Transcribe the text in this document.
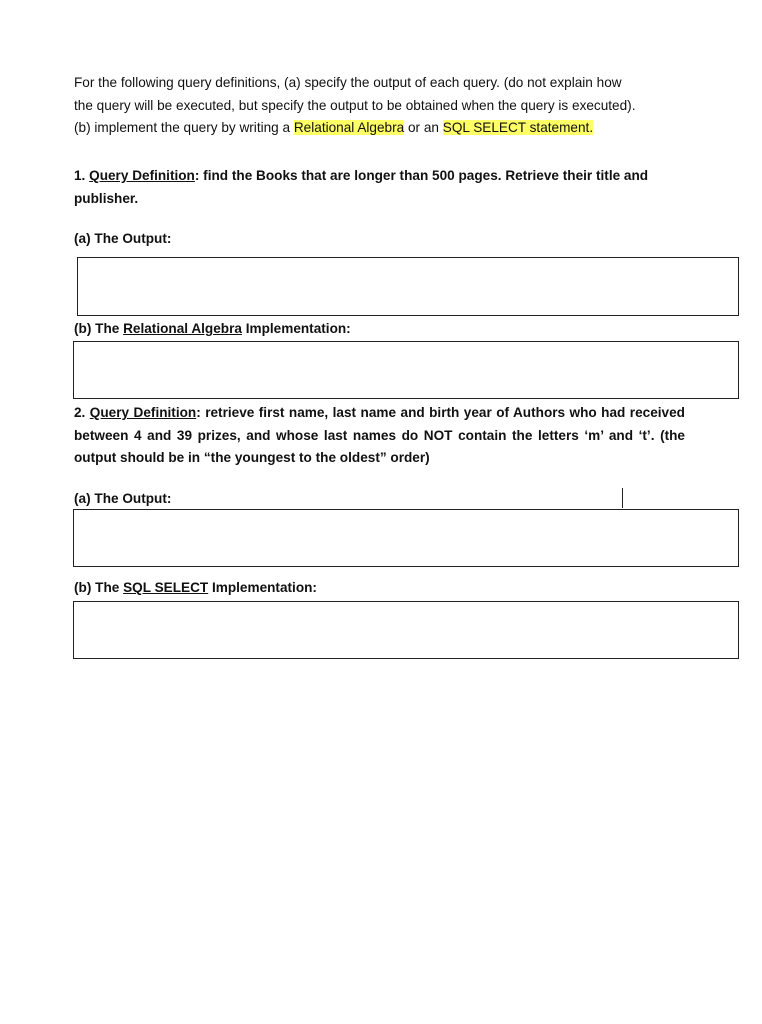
For the following query definitions, (a) specify the output of each query. (do not explain how
the query will be executed, but specify the output to be obtained when the query is executed).
(b) implement the query by writing a Relational Algebra or an SQL SELECT statement.

1. Query Definition: find the Books that are longer than 500 pages. Retrieve their title and publisher.

(a) The Output:

(b) The Relational Algebra Implementation:

2. Query Definition: retrieve first name, last name and birth year of Authors who had received between 4 and 39 prizes, and whose last names do NOT contain the letters ‘m’ and ‘t’. (the output should be in “the youngest to the oldest” order)

(a) The Output:

(b) The SQL SELECT Implementation:
